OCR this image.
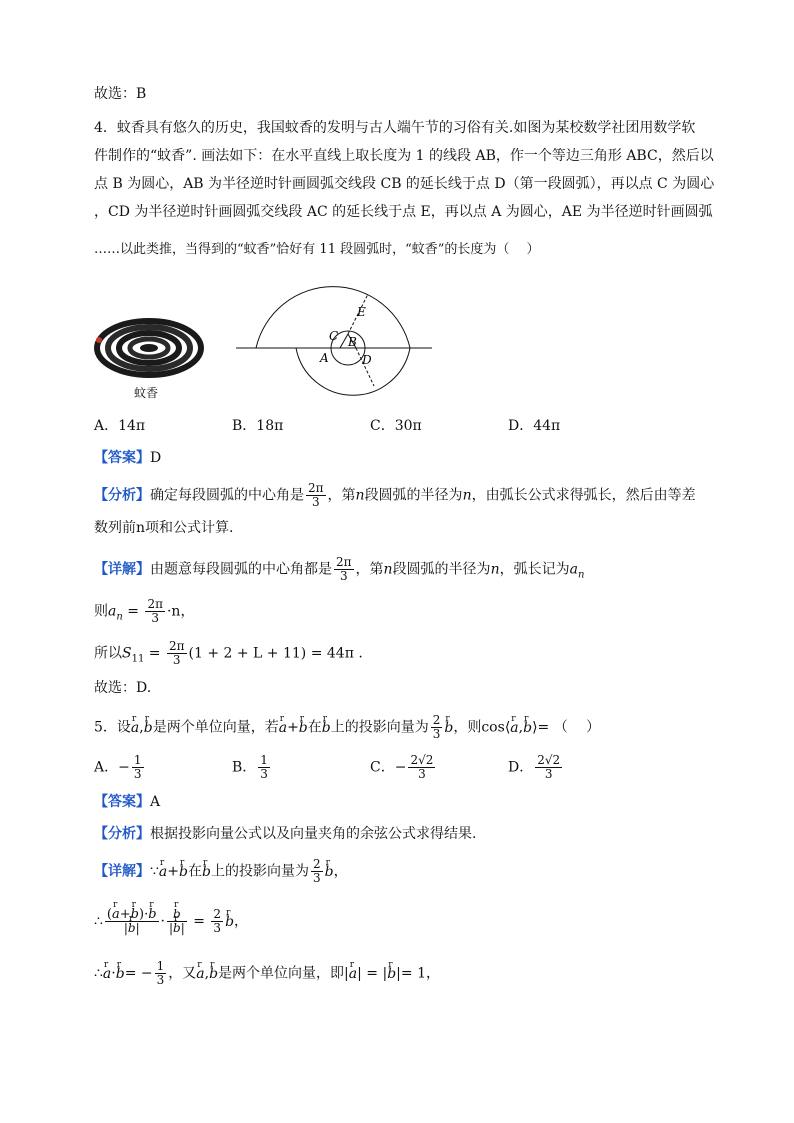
故选：B
4．蚊香具有悠久的历史，我国蚊香的发明与古人端午节的习俗有关.如图为某校数学社团用数学软
件制作的“蚊香”. 画法如下：在水平直线上取长度为 1 的线段 AB，作一个等边三角形 ABC，然后以
点 B 为圆心，AB 为半径逆时针画圆弧交线段 CB 的延长线于点 D（第一段圆弧），再以点 C 为圆心
，CD 为半径逆时针画圆弧交线段 AC 的延长线于点 E，再以点 A 为圆心，AE 为半径逆时针画圆弧
……以此类推，当得到的“蚊香”恰好有 11 段圆弧时，“蚊香”的长度为（　 ）
蚊香
E
C B
A	D
A．14π	B．18π	C．30π	D．44π
【答案】D
【分析】确定每段圆弧的中心角是 $\frac{2\pi}{3}$ ，第n段圆弧的半径为n，由弧长公式求得弧长，然后由等差
数列前n项和公式计算.
【详解】由题意每段圆弧的中心角都是 $\frac{2\pi}{3}$ ，第n段圆弧的半径为n，弧长记为$a_n$
则$a_n = \frac{2\pi}{3} \cdot n$，
所以$S_{11} = \frac{2\pi}{3} (1 + 2 + L + 11) = 44\pi$ .
故选：D.
5．设r a,r b是两个单位向量，若r a+r b在r b上的投影向量为 $\frac{2}{3}$
r b，则cos⟨r a,r b⟩= （　 ）
A．− $\frac{1}{3}$	B． $\frac{1}{3}$	C．− $\frac{2√2}{3}$	D． $\frac{2√2}{3}$
【答案】A
【分析】根据投影向量公式以及向量夹角的余弦公式求得结果.
【详解】∵r a+r b在r b上的投影向量为 $\frac{2}{3}$
r b，
∴ $\frac{\text{(r a+r b)·r b}}{\text{|r b|}}$ ·
r $\frac{b}{\text{|r b|}} = \frac{2}{3}$
r b，
∴r a·r $b= - \frac{1}{3}$ ，又r a,r b是两个单位向量，即|r a| = |r b|= 1，
